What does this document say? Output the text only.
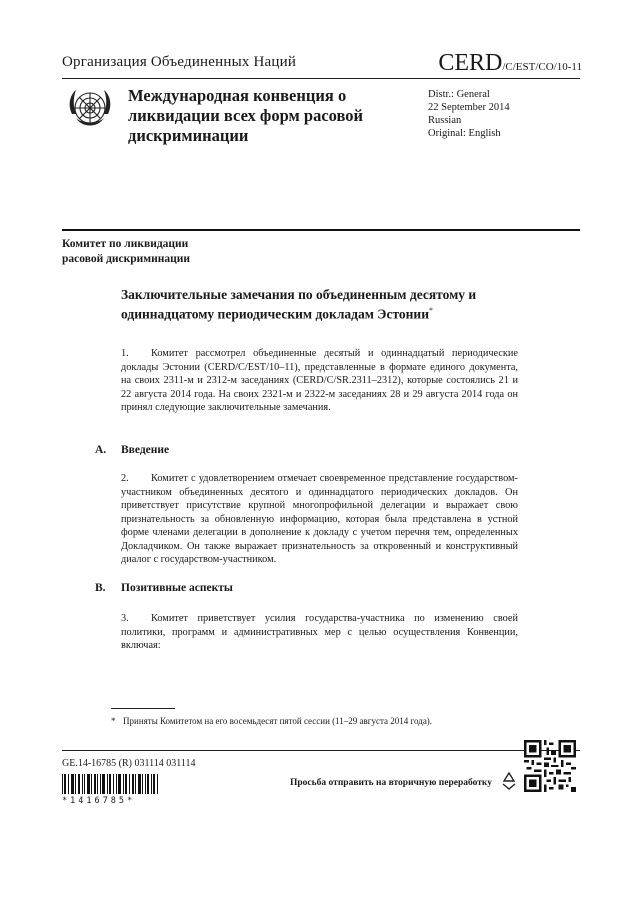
Организация Объединенных Наций	CERD/C/EST/CO/10-11
Международная конвенция о ликвидации всех форм расовой дискриминации
Distr.: General
22 September 2014
Russian
Original: English
Комитет по ликвидации
расовой дискриминации
Заключительные замечания по объединенным десятому и одиннадцатому периодическим докладам Эстонии*
1. Комитет рассмотрел объединенные десятый и одиннадцатый периодические доклады Эстонии (CERD/C/EST/10–11), представленные в формате единого документа, на своих 2311-м и 2312-м заседаниях (CERD/C/SR.2311–2312), которые состоялись 21 и 22 августа 2014 года. На своих 2321-м и 2322-м заседаниях 28 и 29 августа 2014 года он принял следующие заключительные замечания.
A. Введение
2. Комитет с удовлетворением отмечает своевременное представление государством-участником объединенных десятого и одиннадцатого периодических докладов. Он приветствует присутствие крупной многопрофильной делегации и выражает свою признательность за обновленную информацию, которая была представлена в устной форме членами делегации в дополнение к докладу с учетом перечня тем, определенных Докладчиком. Он также выражает признательность за откровенный и конструктивный диалог с государством-участником.
B. Позитивные аспекты
3. Комитет приветствует усилия государства-участника по изменению своей политики, программ и административных мер с целью осуществления Конвенции, включая:
* Приняты Комитетом на его восемьдесят пятой сессии (11–29 августа 2014 года).
GE.14-16785 (R) 031114 031114
*1416785*
Просьба отправить на вторичную переработку
